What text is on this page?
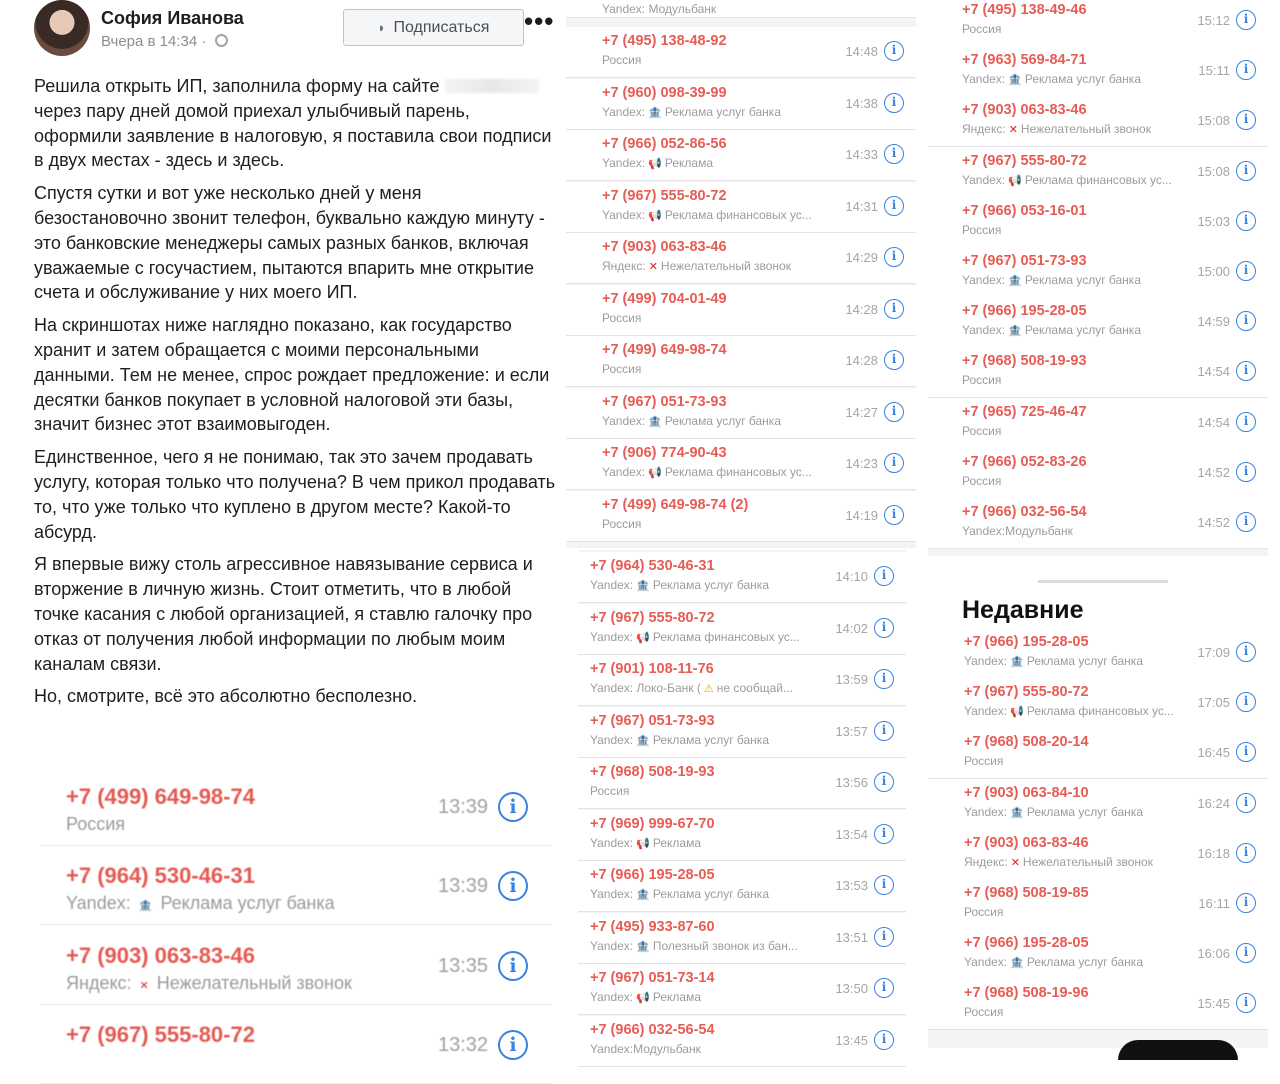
София Иванова
Вчера в 14:34 ·
◗ Подписаться •••

Решила открыть ИП, заполнила форму на сайте  через пару дней домой приехал улыбчивый парень, оформили заявление в налоговую, я поставила свои подписи в двух местах - здесь и здесь.

Спустя сутки и вот уже несколько дней у меня безостановочно звонит телефон, буквально каждую минуту - это банковские менеджеры самых разных банков, включая уважаемые с госучастием, пытаются впарить мне открытие счета и обслуживание у них моего ИП.

На скриншотах ниже наглядно показано, как государство хранит и затем обращается с моими персональными данными. Тем не менее, спрос рождает предложение: и если десятки банков покупает в условной налоговой эти базы, значит бизнес этот взаимовыгоден.

Единственное, чего я не понимаю, так это зачем продавать услугу, которая только что получена? В чем прикол продавать то, что уже только что куплено в другом месте? Какой-то абсурд.

Я впервые вижу столь агрессивное навязывание сервиса и вторжение в личную жизнь. Стоит отметить, что в любой точке касания с любой организацией, я ставлю галочку про отказ от получения любой информации по любым моим каналам связи.

Но, смотрите, всё это абсолютно бесполезно.

+7 (499) 649-98-74
Россия
13:39	i
+7 (964) 530-46-31
Yandex: 🏦 Реклама услуг банка
13:39	i
+7 (903) 063-83-46
Яндекс: ✕ Нежелательный звонок
13:35	i
+7 (967) 555-80-72	13:32	i
Yandex: Модульбанк
+7 (495) 138-48-92
Россия
14:48	i
+7 (960) 098-39-99
Yandex: 🏦 Реклама услуг банка
14:38	i
+7 (966) 052-86-56
Yandex: 📢 Реклама
14:33	i
+7 (967) 555-80-72
Yandex: 📢 Реклама финансовых ус...
14:31	i
+7 (903) 063-83-46
Яндекс: ✕ Нежелательный звонок
14:29	i
+7 (499) 704-01-49
Россия
14:28	i
+7 (499) 649-98-74
Россия
14:28	i
+7 (967) 051-73-93
Yandex: 🏦 Реклама услуг банка
14:27	i
+7 (906) 774-90-43
Yandex: 📢 Реклама финансовых ус...
14:23	i
+7 (499) 649-98-74 (2)
Россия
14:19	i
+7 (495) 138-49-46
Россия
15:12	i
+7 (963) 569-84-71
Yandex: 🏦 Реклама услуг банка
15:11	i
+7 (903) 063-83-46
Яндекс: ✕ Нежелательный звонок
15:08	i
+7 (967) 555-80-72
Yandex: 📢 Реклама финансовых ус...
15:08	i
+7 (966) 053-16-01
Россия
15:03	i
+7 (967) 051-73-93
Yandex: 🏦 Реклама услуг банка
15:00	i
+7 (966) 195-28-05
Yandex: 🏦 Реклама услуг банка
14:59	i
+7 (968) 508-19-93
Россия
14:54	i
+7 (965) 725-46-47
Россия
14:54	i
+7 (966) 052-83-26
Россия
14:52	i
+7 (966) 032-56-54
Yandex:Модульбанк
14:52	i
+7 (964) 530-46-31
Yandex: 🏦 Реклама услуг банка
14:10	i
+7 (967) 555-80-72
Yandex: 📢 Реклама финансовых ус...
14:02	i
+7 (901) 108-11-76
Yandex: Локо-Банк ( ⚠ не сообщай...
13:59	i
+7 (967) 051-73-93
Yandex: 🏦 Реклама услуг банка
13:57	i
+7 (968) 508-19-93
Россия
13:56	i
+7 (969) 999-67-70
Yandex: 📢 Реклама
13:54	i
+7 (966) 195-28-05
Yandex: 🏦 Реклама услуг банка
13:53	i
+7 (495) 933-87-60
Yandex: 🏦 Полезный звонок из бан...
13:51	i
+7 (967) 051-73-14
Yandex: 📢 Реклама
13:50	i
+7 (966) 032-56-54
Yandex:Модульбанк
13:45	i
Недавние
+7 (966) 195-28-05
Yandex: 🏦 Реклама услуг банка
17:09	i
+7 (967) 555-80-72
Yandex: 📢 Реклама финансовых ус...
17:05	i
+7 (968) 508-20-14
Россия
16:45	i
+7 (903) 063-84-10
Yandex: 🏦 Реклама услуг банка
16:24	i
+7 (903) 063-83-46
Яндекс: ✕ Нежелательный звонок
16:18	i
+7 (968) 508-19-85
Россия
16:11	i
+7 (966) 195-28-05
Yandex: 🏦 Реклама услуг банка
16:06	i
+7 (968) 508-19-96
Россия
15:45	i
